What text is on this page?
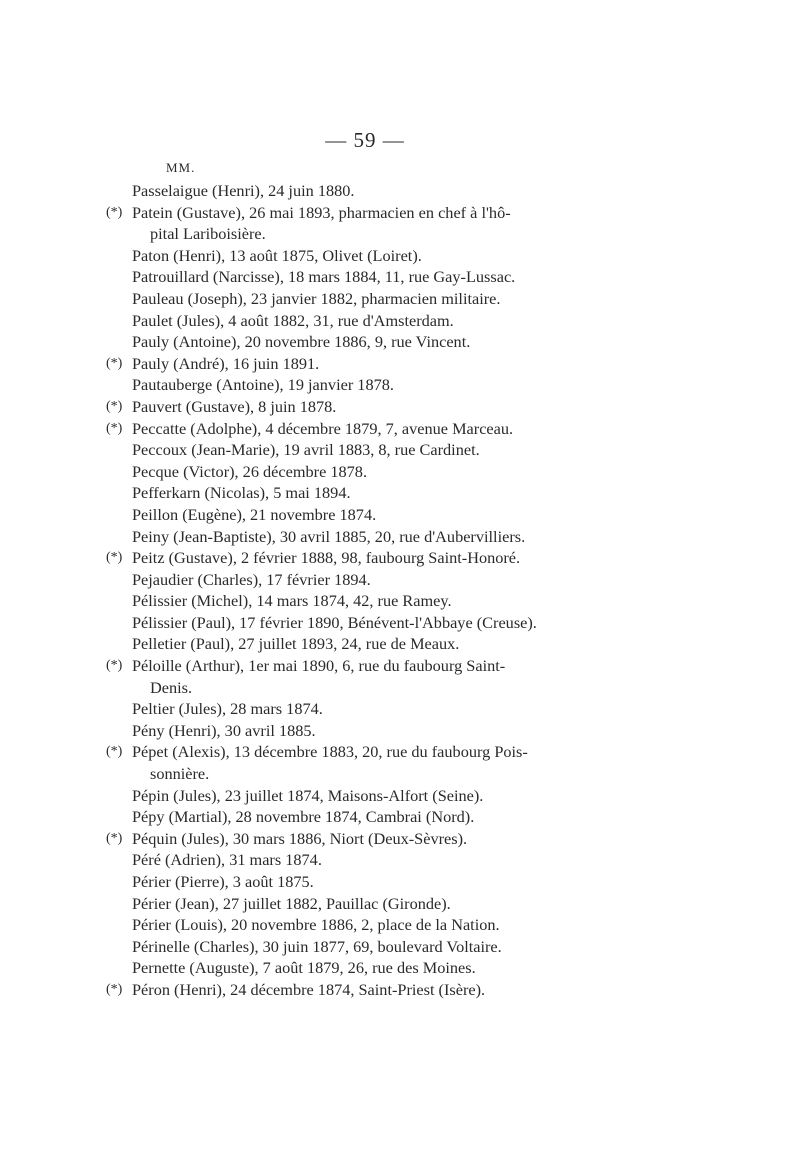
— 59 —
MM.
Passelaigue (Henri), 24 juin 1880.
(*) Patein (Gustave), 26 mai 1893, pharmacien en chef à l'hô-
pital Lariboisière.
Paton (Henri), 13 août 1875, Olivet (Loiret).
Patrouillard (Narcisse), 18 mars 1884, 11, rue Gay-Lussac.
Pauleau (Joseph), 23 janvier 1882, pharmacien militaire.
Paulet (Jules), 4 août 1882, 31, rue d'Amsterdam.
Pauly (Antoine), 20 novembre 1886, 9, rue Vincent.
(*) Pauly (André), 16 juin 1891.
Pautauberge (Antoine), 19 janvier 1878.
(*) Pauvert (Gustave), 8 juin 1878.
(*) Peccatte (Adolphe), 4 décembre 1879, 7, avenue Marceau.
Peccoux (Jean-Marie), 19 avril 1883, 8, rue Cardinet.
Pecque (Victor), 26 décembre 1878.
Pefferkarn (Nicolas), 5 mai 1894.
Peillon (Eugène), 21 novembre 1874.
Peiny (Jean-Baptiste), 30 avril 1885, 20, rue d'Aubervilliers.
(*) Peitz (Gustave), 2 février 1888, 98, faubourg Saint-Honoré.
Pejaudier (Charles), 17 février 1894.
Pélissier (Michel), 14 mars 1874, 42, rue Ramey.
Pélissier (Paul), 17 février 1890, Bénévent-l'Abbaye (Creuse).
Pelletier (Paul), 27 juillet 1893, 24, rue de Meaux.
(*) Péloille (Arthur), 1er mai 1890, 6, rue du faubourg Saint-
Denis.
Peltier (Jules), 28 mars 1874.
Pény (Henri), 30 avril 1885.
(*) Pépet (Alexis), 13 décembre 1883, 20, rue du faubourg Pois-
sonnière.
Pépin (Jules), 23 juillet 1874, Maisons-Alfort (Seine).
Pépy (Martial), 28 novembre 1874, Cambrai (Nord).
(*) Péquin (Jules), 30 mars 1886, Niort (Deux-Sèvres).
Péré (Adrien), 31 mars 1874.
Périer (Pierre), 3 août 1875.
Périer (Jean), 27 juillet 1882, Pauillac (Gironde).
Périer (Louis), 20 novembre 1886, 2, place de la Nation.
Périnelle (Charles), 30 juin 1877, 69, boulevard Voltaire.
Pernette (Auguste), 7 août 1879, 26, rue des Moines.
(*) Péron (Henri), 24 décembre 1874, Saint-Priest (Isère).
